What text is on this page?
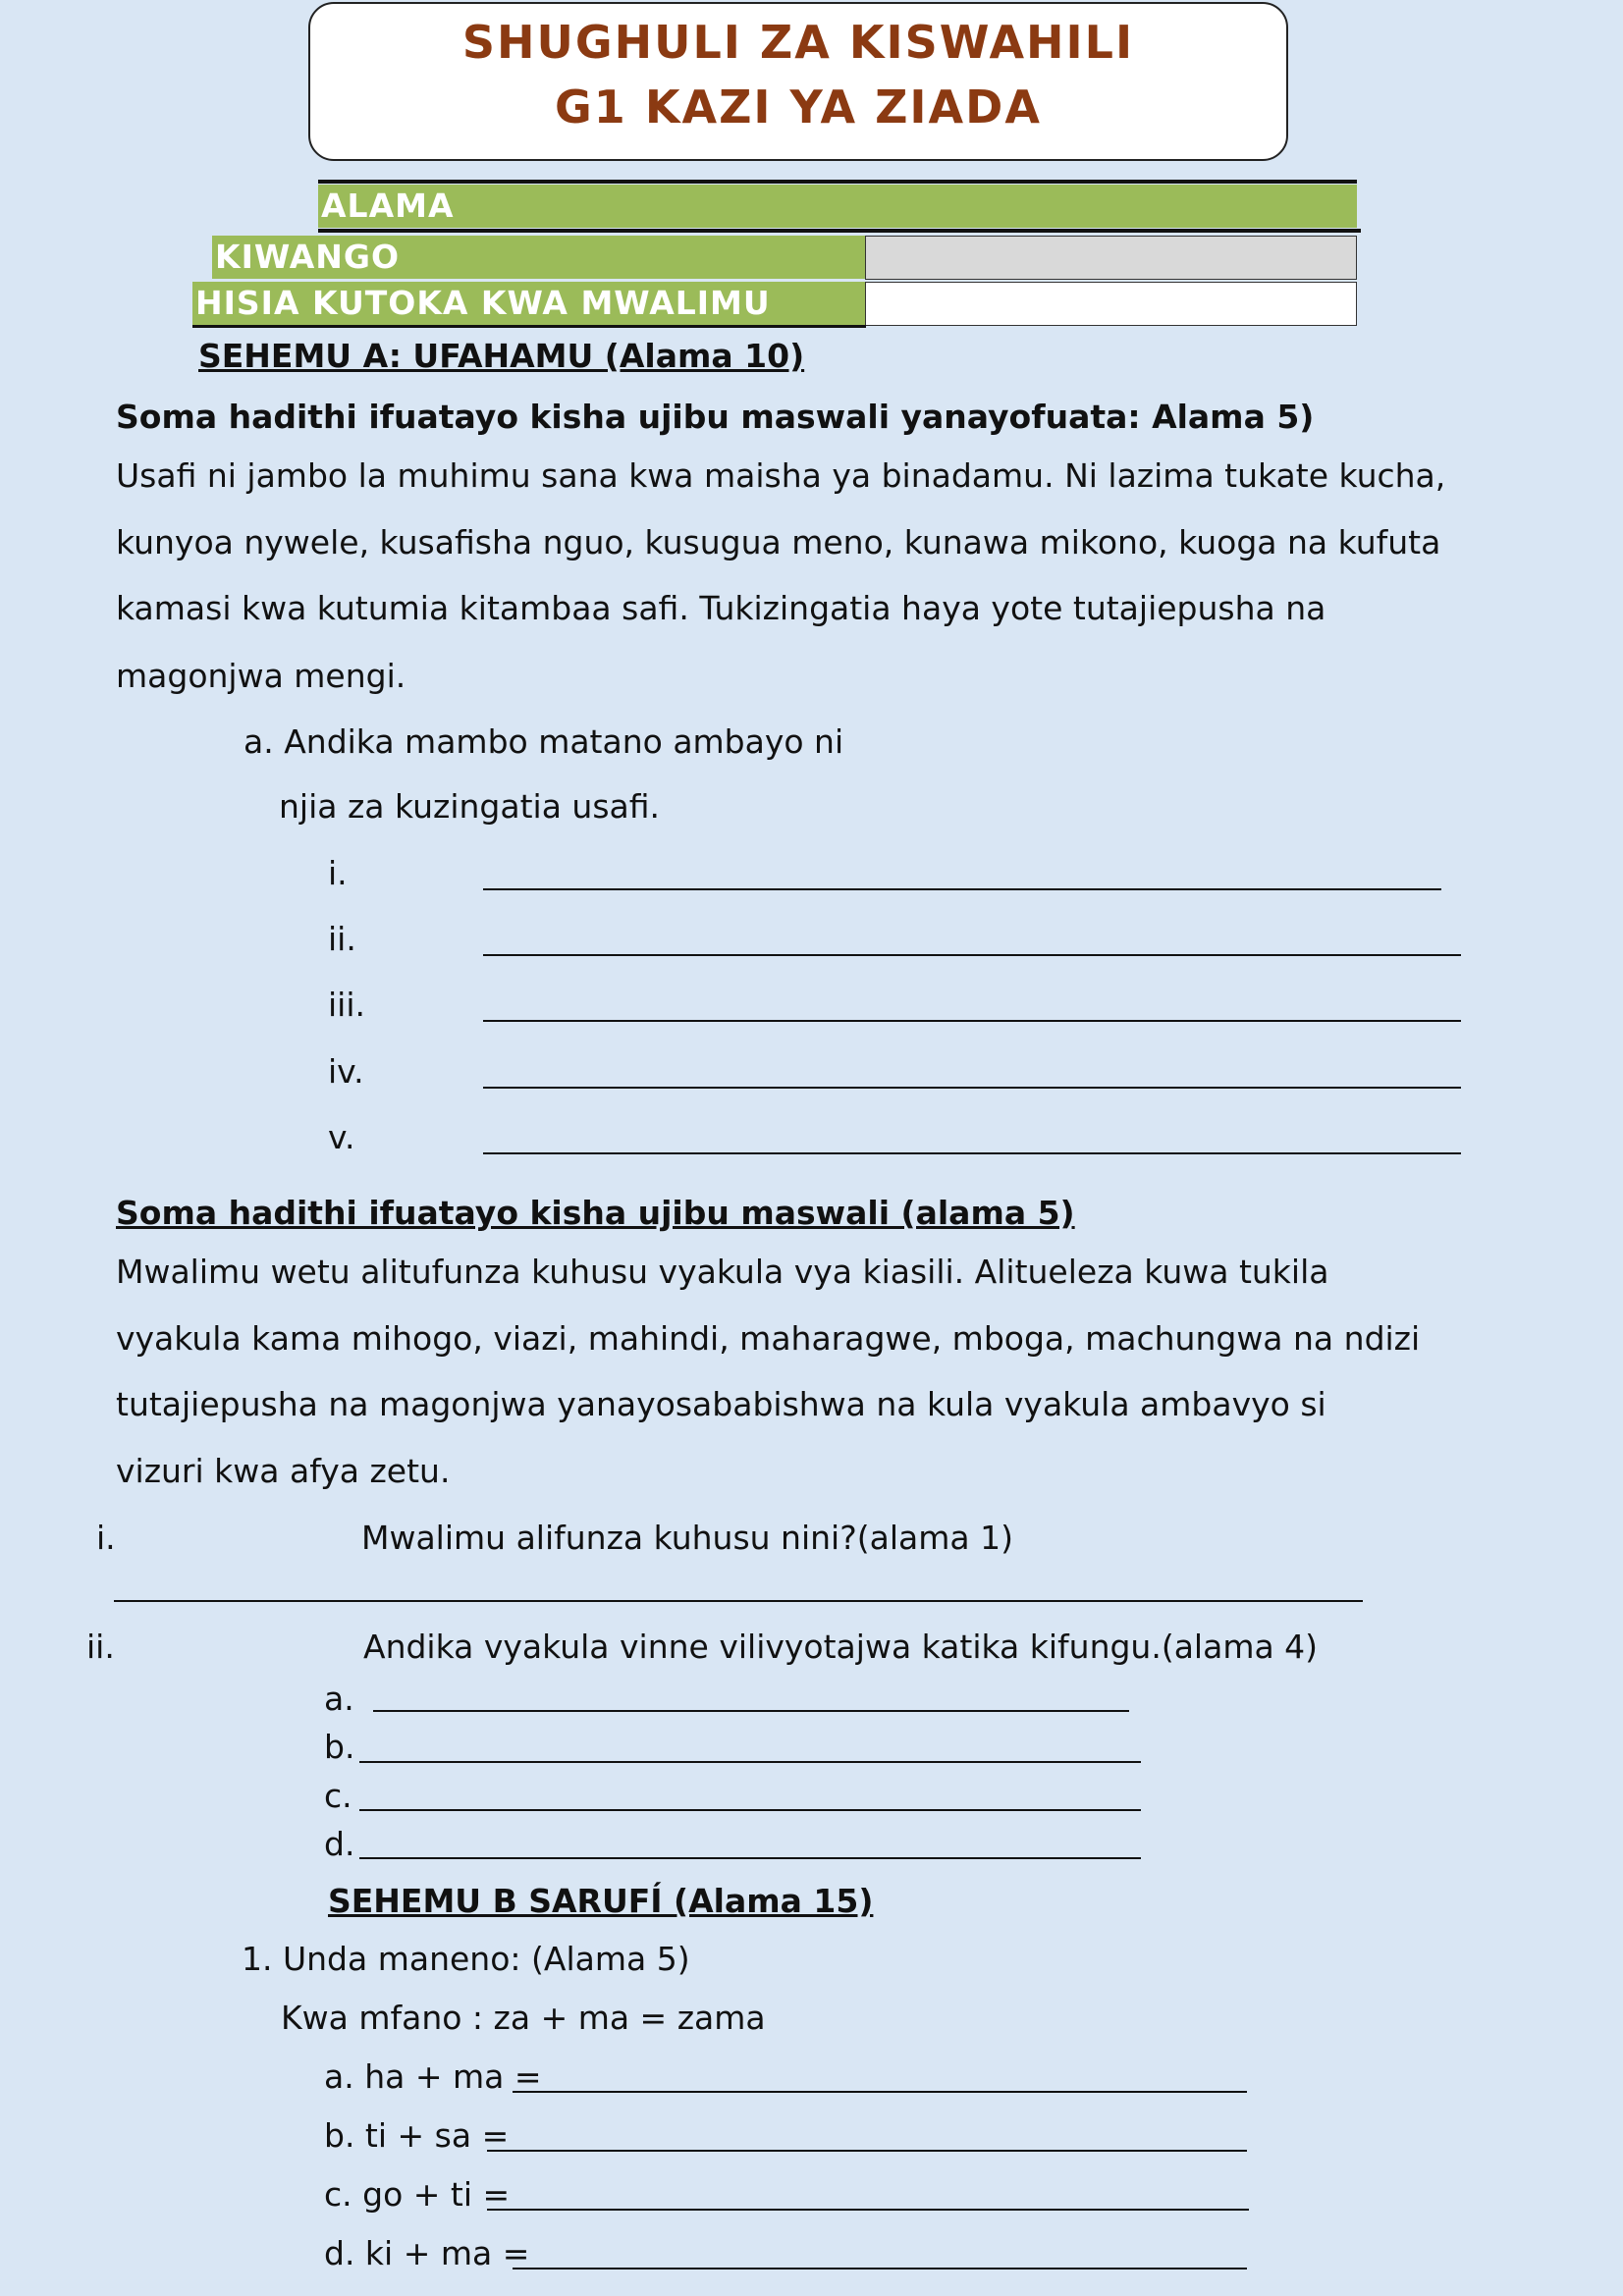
SHUGHULI ZA KISWAHILI
G1 KAZI YA ZIADA
ALAMA
KIWANGO
HISIA KUTOKA KWA MWALIMU
SEHEMU A: UFAHAMU (Alama 10)
Soma hadithi ifuatayo kisha ujibu maswali yanayofuata: Alama 5)
Usafi ni jambo la muhimu sana kwa maisha ya binadamu. Ni lazima tukate kucha,
kunyoa nywele, kusafisha nguo, kusugua meno, kunawa mikono, kuoga na kufuta
kamasi kwa kutumia kitambaa safi. Tukizingatia haya yote tutajiepusha na
magonjwa mengi.
a. Andika mambo matano ambayo ni
njia za kuzingatia usafi.
i.
ii.
iii.
iv.
v.
Soma hadithi ifuatayo kisha ujibu maswali (alama 5)
Mwalimu wetu alitufunza kuhusu vyakula vya kiasili. Alitueleza kuwa tukila
vyakula kama mihogo, viazi, mahindi, maharagwe, mboga, machungwa na ndizi
tutajiepusha na magonjwa yanayosababishwa na kula vyakula ambavyo si
vizuri kwa afya zetu.
i.	Mwalimu alifunza kuhusu nini?(alama 1)
ii.	Andika vyakula vinne vilivyotajwa katika kifungu.(alama 4)
a.
b.
c.
d.
SEHEMU B SARUFÍ (Alama 15)
1. Unda maneno: (Alama 5)
Kwa mfano : za + ma = zama
a. ha + ma =
b. ti + sa =
c. go + ti =
d. ki + ma =
